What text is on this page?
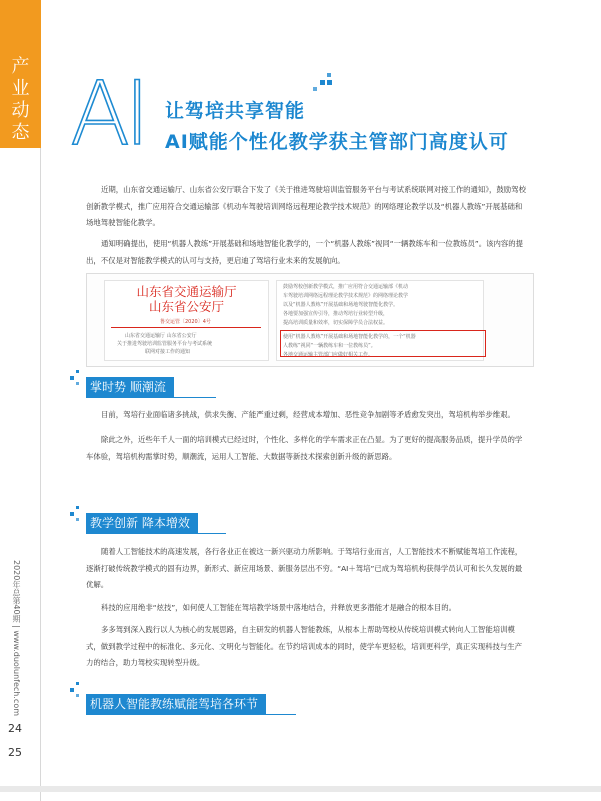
产业动态
2020年总第40期 | www.duolunfech.com
24
25
AI 让驾培共享智能
AI赋能个性化教学获主管部门高度认可
近期，山东省交通运输厅、山东省公安厅联合下发了《关于推进驾驶培训监管服务平台与考试系统联网对接工作的通知》，鼓励驾校创新教学模式，推广应用符合交通运输部《机动车驾驶培训网络远程理论教学技术规范》的网络理论教学以及“机器人教练”开展基础和场地驾驶智能化教学。
通知明确提出，使用“机器人教练”开展基础和场地智能化教学的，一个“机器人教练”视同“一辆教练车和一位教练员”。该内容的提出，不仅是对智能教学模式的认可与支持，更启迪了驾培行业未来的发展航向。
山东省交通运输厅
山东省公安厅
鲁交运管〔2020〕4号
山东省交通运输厅 山东省公安厅
关于推进驾驶培训监管服务平台与考试系统
联网对接工作的通知
鼓励驾校创新教学模式，推广应用符合交通运输部《机动
车驾驶培训网络远程理论教学技术规范》的网络理论教学
以及“机器人教练”开展基础和场地驾驶智能化教学。
各地要加强宣传引导，推动驾培行业转型升级，
提高培训质量和效率，切实保障学员合法权益。
使用“机器人教练”开展基础和场地智能化教学的，一个“机器
人教练”视同“一辆教练车和一位教练员”。
各地交通运输主管部门应做好相关工作。
掌时势 顺潮流
目前，驾培行业面临诸多挑战，供求失衡、产能严重过剩，经营成本增加、恶性竞争加剧等矛盾愈发突出，驾培机构举步维艰。
除此之外，近些年千人一面的培训模式已经过时，个性化、多样化的学车需求正在凸显。为了更好的提高服务品质，提升学员的学车体验，驾培机构需掌时势，顺潮流，运用人工智能、大数据等新技术探索创新升级的新思路。
教学创新 降本增效
随着人工智能技术的高速发展，各行各业正在被这一新兴驱动力所影响。于驾培行业而言，人工智能技术不断赋能驾培工作流程，逐渐打破传统教学模式的固有边界，新形式、新应用场景、新服务层出不穷。“AI＋驾培”已成为驾培机构获得学员认可和长久发展的最优解。
科技的应用绝非“炫技”，如何使人工智能在驾培教学场景中落地结合，并释放更多潜能才是融合的根本目的。
多多驾到深入践行以人为核心的发展思路，自主研发的机器人智能教练，从根本上帮助驾校从传统培训模式转向人工智能培训模式，做到教学过程中的标准化、多元化、文明化与智能化。在节约培训成本的同时，使学车更轻松，培训更科学，真正实现科技与生产力的结合，助力驾校实现转型升级。
机器人智能教练赋能驾培各环节
